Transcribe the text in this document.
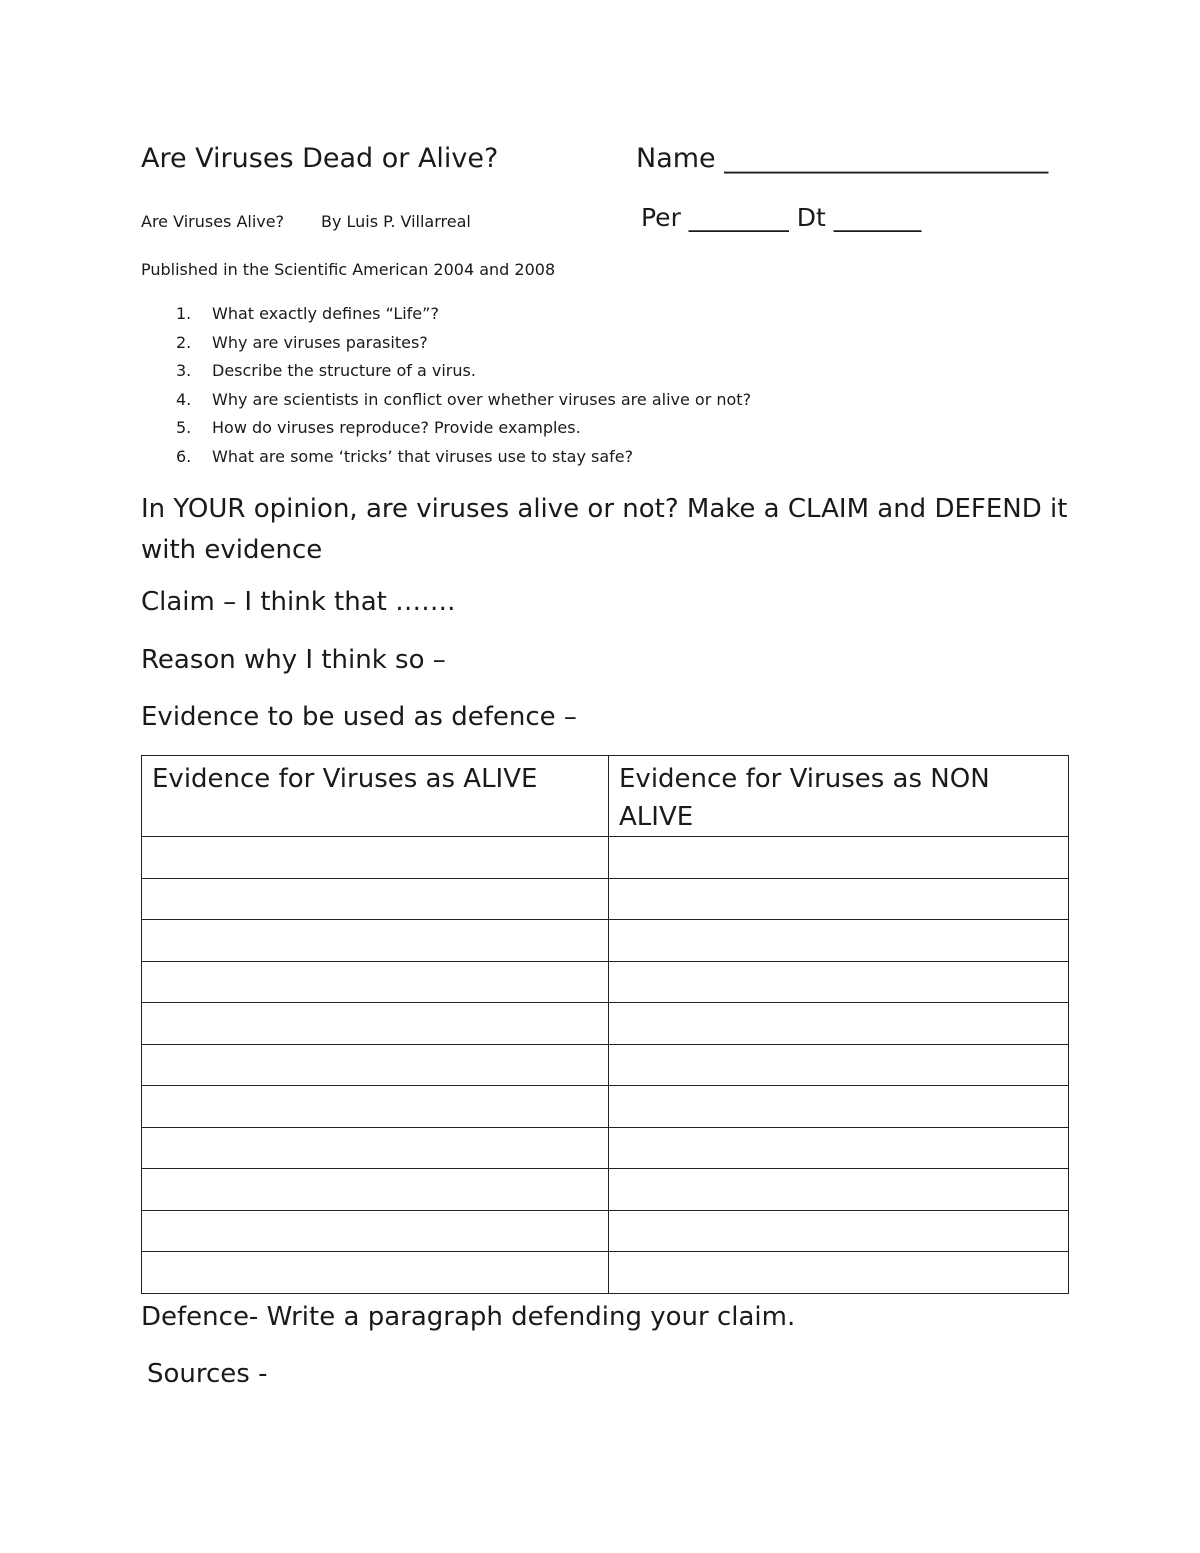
Are Viruses Dead or Alive?	Name ________________________
Are Viruses Alive? By Luis P. Villarreal	Per ________ Dt _______
Published in the Scientific American 2004 and 2008
1. What exactly defines “Life”?
2. Why are viruses parasites?
3. Describe the structure of a virus.
4. Why are scientists in conflict over whether viruses are alive or not?
5. How do viruses reproduce? Provide examples.
6. What are some ‘tricks’ that viruses use to stay safe?
In YOUR opinion, are viruses alive or not? Make a CLAIM and DEFEND it with evidence
Claim – I think that …….
Reason why I think so –
Evidence to be used as defence –
Evidence for Viruses as ALIVE	Evidence for Viruses as NON ALIVE

Defence- Write a paragraph defending your claim.
Sources -
